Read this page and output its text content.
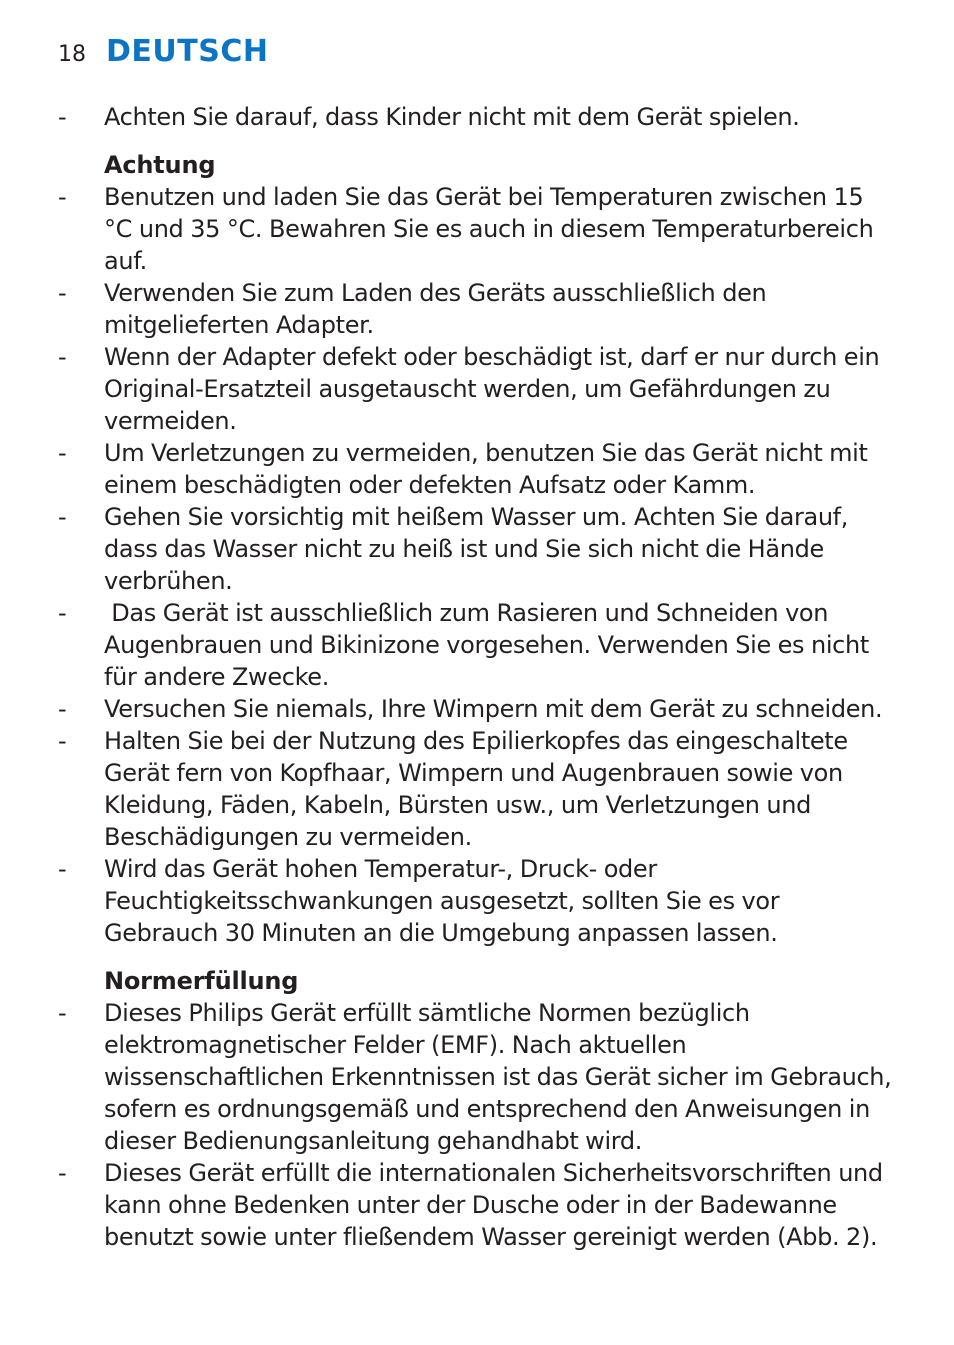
18 DEUTSCH
-	Achten Sie darauf, dass Kinder nicht mit dem Gerät spielen.
Achtung
-	Benutzen und laden Sie das Gerät bei Temperaturen zwischen 15 °C und 35 °C. Bewahren Sie es auch in diesem Temperaturbereich auf.
-	Verwenden Sie zum Laden des Geräts ausschließlich den mitgelieferten Adapter.
-	Wenn der Adapter defekt oder beschädigt ist, darf er nur durch ein Original-Ersatzteil ausgetauscht werden, um Gefährdungen zu vermeiden.
-	Um Verletzungen zu vermeiden, benutzen Sie das Gerät nicht mit einem beschädigten oder defekten Aufsatz oder Kamm.
-	Gehen Sie vorsichtig mit heißem Wasser um. Achten Sie darauf, dass das Wasser nicht zu heiß ist und Sie sich nicht die Hände verbrühen.
-	Das Gerät ist ausschließlich zum Rasieren und Schneiden von Augenbrauen und Bikinizone vorgesehen. Verwenden Sie es nicht für andere Zwecke.
-	Versuchen Sie niemals, Ihre Wimpern mit dem Gerät zu schneiden.
-	Halten Sie bei der Nutzung des Epilierkopfes das eingeschaltete Gerät fern von Kopfhaar, Wimpern und Augenbrauen sowie von Kleidung, Fäden, Kabeln, Bürsten usw., um Verletzungen und Beschädigungen zu vermeiden.
-	Wird das Gerät hohen Temperatur-, Druck- oder Feuchtigkeitsschwankungen ausgesetzt, sollten Sie es vor Gebrauch 30 Minuten an die Umgebung anpassen lassen.
Normerfüllung
-	Dieses Philips Gerät erfüllt sämtliche Normen bezüglich elektromagnetischer Felder (EMF). Nach aktuellen wissenschaftlichen Erkenntnissen ist das Gerät sicher im Gebrauch, sofern es ordnungsgemäß und entsprechend den Anweisungen in dieser Bedienungsanleitung gehandhabt wird.
-	Dieses Gerät erfüllt die internationalen Sicherheitsvorschriften und kann ohne Bedenken unter der Dusche oder in der Badewanne benutzt sowie unter fließendem Wasser gereinigt werden (Abb. 2).
